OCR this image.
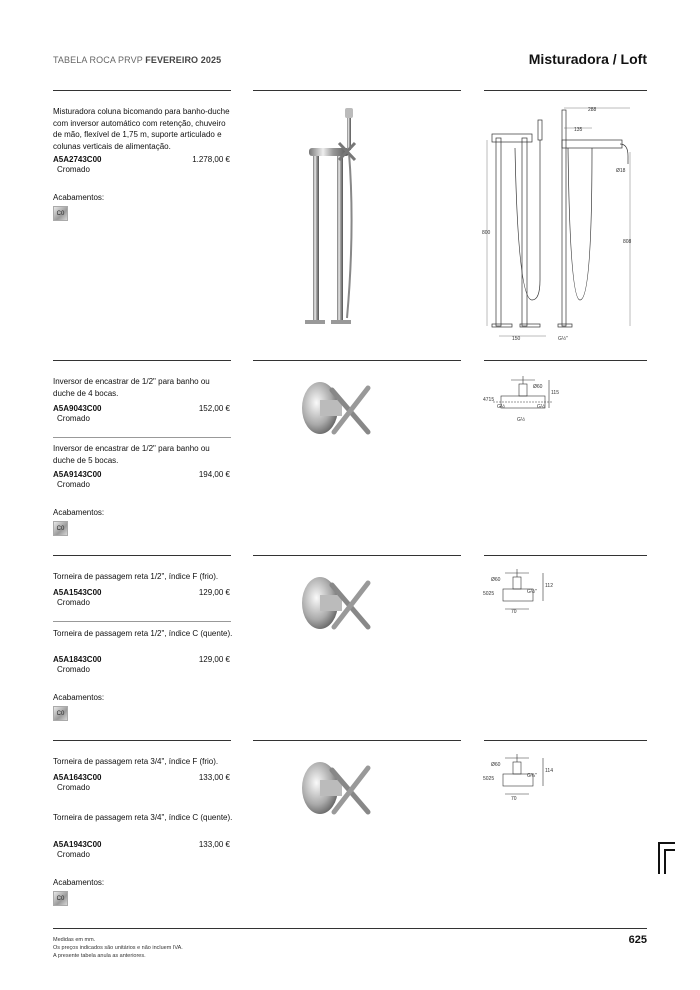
TABELA ROCA PRVP FEVEREIRO 2025	Misturadora / Loft
Misturadora coluna bicomando para banho-duche com inversor automático com retenção, chuveiro de mão, flexível de 1,75 m, suporte articulado e colunas verticais de alimentação.
A5A2743C00	1.278,00 €
Cromado
Acabamentos:
C0
288
135
800
808
150	G½"
Ø18
Inversor de encastrar de 1/2" para banho ou duche de 4 bocas.
A5A9043C00	152,00 €
Cromado
Inversor de encastrar de 1/2" para banho ou duche de 5 bocas.
A5A9143C00	194,00 €
Cromado
Acabamentos:
C0
Ø60
115
4715
G½	G½
G½
Torneira de passagem reta 1/2", índice F (frio).
A5A1543C00	129,00 €
Cromado
Torneira de passagem reta 1/2", índice C (quente).
A5A1843C00	129,00 €
Cromado
Acabamentos:
C0
Ø60
112
5025	G½"
70
Torneira de passagem reta 3/4", índice F (frio).
A5A1643C00	133,00 €
Cromado
Torneira de passagem reta 3/4", índice C (quente).
A5A1943C00	133,00 €
Cromado
Acabamentos:
C0
Ø60
114
5025	G¾"
70
Medidas em mm.
Os preços indicados são unitários e não incluem IVA.
A presente tabela anula as anteriores.
625
